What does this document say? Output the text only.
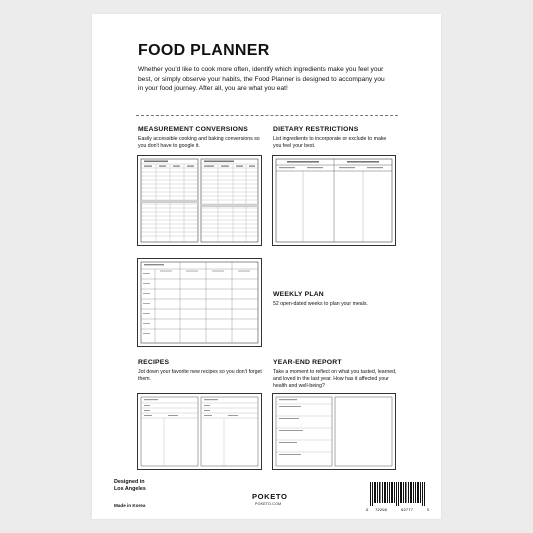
FOOD PLANNER

Whether you'd like to cook more often, identify which ingredients make you feel your best, or simply observe your habits, the Food Planner is designed to accompany you in your food journey. After all, you are what you eat!

MEASUREMENT CONVERSIONS

Easily accessible cooking and baking conversions so you don't have to google it.

DIETARY RESTRICTIONS

List ingredients to incorporate or exclude to make you feel your best.

WEEKLY PLAN

52 open-dated weeks to plan your meals.

RECIPES

Jot down your favorite new recipes so you don't forget them.

YEAR-END REPORT

Take a moment to reflect on what you tasted, learned, and loved in the last year. How has it affected your health and well-being?

Designed in
Los Angeles
Made in Korea
POKETO
POKETO.COM
9 72299	92777	5
